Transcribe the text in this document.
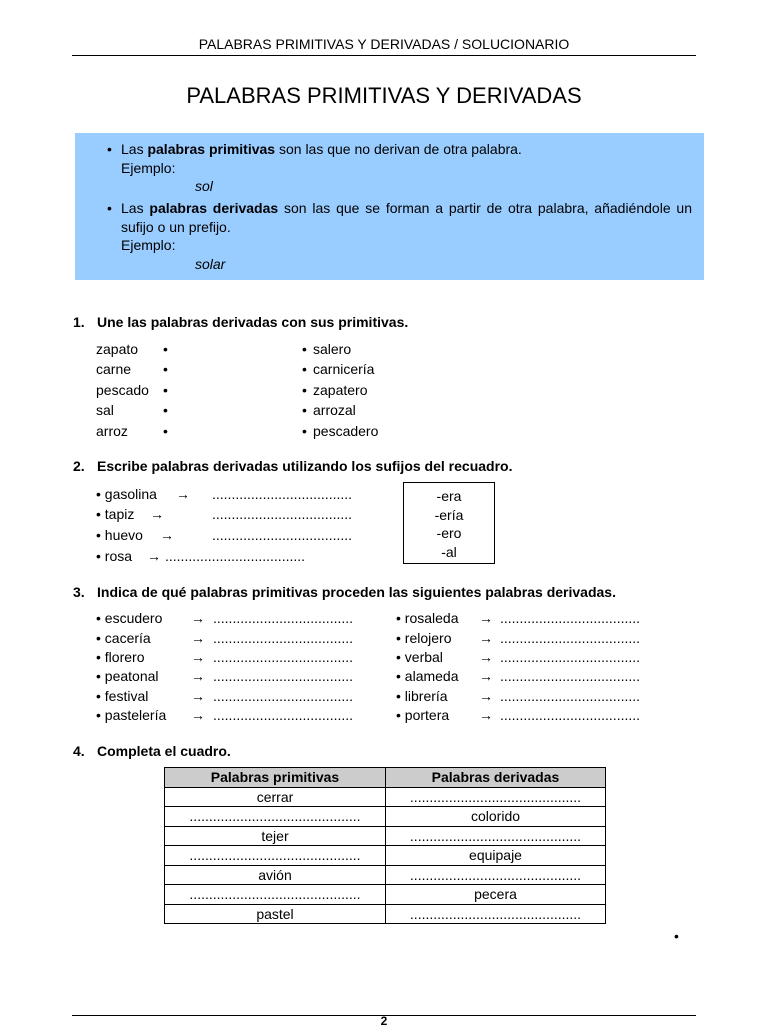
PALABRAS PRIMITIVAS Y DERIVADAS / SOLUCIONARIO
PALABRAS PRIMITIVAS Y DERIVADAS
• Las palabras primitivas son las que no derivan de otra palabra.
Ejemplo:
sol
• Las palabras derivadas son las que se forman a partir de otra palabra, añadiéndole un sufijo o un prefijo.
Ejemplo:
solar
1. Une las palabras derivadas con sus primitivas.
zapato
carne
pescado
sal
arroz
•
•
•
•
•
•
•
•
•
•
salero
carnicería
zapatero
arrozal
pescadero
2. Escribe palabras derivadas utilizando los sufijos del recuadro.
• gasolina → ....................................
• tapiz →	....................................
• huevo →	....................................
• rosa → ....................................
-era
-ería
-ero
-al
3. Indica de qué palabras primitivas proceden las siguientes palabras derivadas.
• escudero → ....................................
• cacería	→ ....................................
• florero	→ ....................................
• peatonal → ....................................
• festival	→ ....................................
• pastelería → ....................................
• rosaleda → ....................................
• relojero → ....................................
• verbal	→ ....................................
• alameda → ....................................
• librería → ....................................
• portera → ....................................
4. Completa el cuadro.
Palabras primitivas	Palabras derivadas
cerrar	............................................
............................................	colorido
tejer	............................................
............................................	equipaje
avión	............................................
............................................	pecera
pastel	............................................
•
2
